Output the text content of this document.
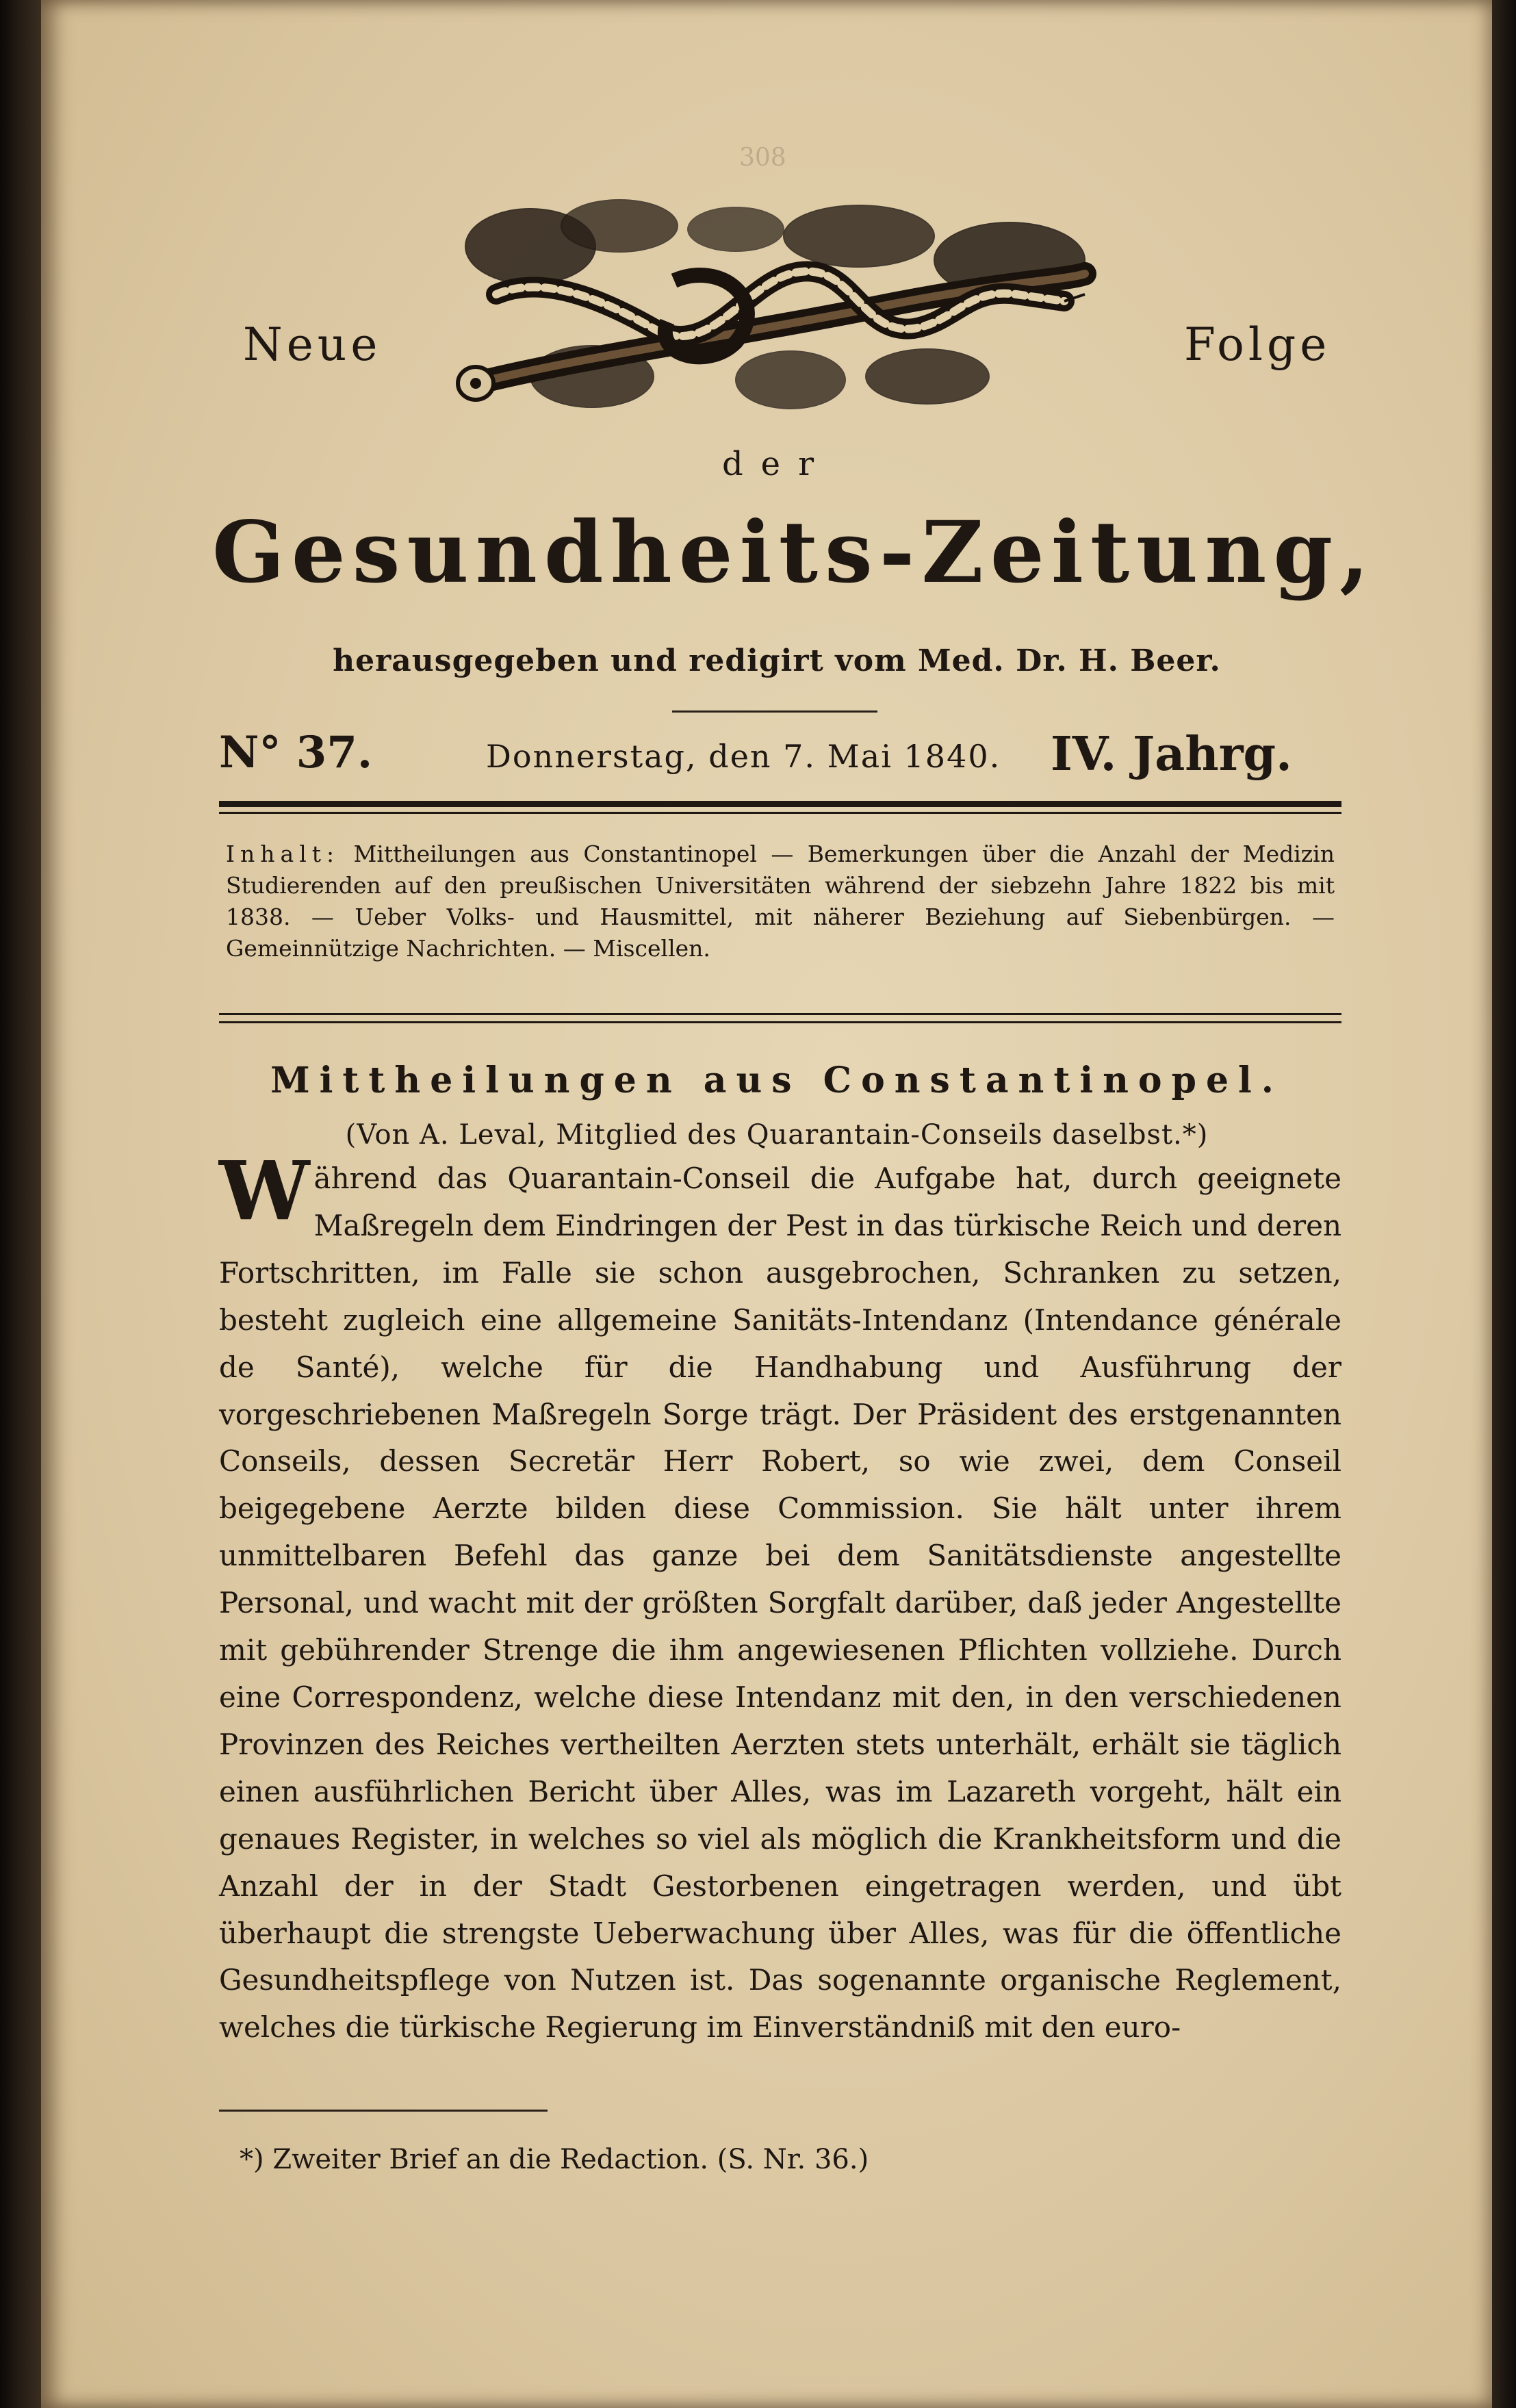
308
Neue	Folge
der
Gesundheits-Zeitung,
herausgegeben und redigirt vom Med. Dr. H. Beer.
N° 37.	Donnerstag, den 7. Mai 1840. IV. Jahrg.
Inhalt: Mittheilungen aus Constantinopel — Bemerkungen über die Anzahl der Medizin Studierenden auf den preußischen Universitäten während der siebzehn Jahre 1822 bis mit 1838. — Ueber Volks- und Hausmittel, mit näherer Beziehung auf Siebenbürgen. — Gemeinnützige Nachrichten. — Miscellen.
Mittheilungen aus Constantinopel.
(Von A. Leval, Mitglied des Quarantain-Conseils daselbst.*)
W ährend das Quarantain-Conseil die Aufgabe hat, durch geeignete Maßregeln dem Eindringen der Pest in das türkische Reich und deren Fortschritten, im Falle sie schon ausgebrochen, Schranken zu setzen, besteht zugleich eine allgemeine Sanitäts-Intendanz (Intendance générale de Santé), welche für die Handhabung und Ausführung der vorgeschriebenen Maßregeln Sorge trägt. Der Präsident des erstgenannten Conseils, dessen Secretär Herr Robert, so wie zwei, dem Conseil beigegebene Aerzte bilden diese Commission. Sie hält unter ihrem unmittelbaren Befehl das ganze bei dem Sanitätsdienste angestellte Personal, und wacht mit der größten Sorgfalt darüber, daß jeder Angestellte mit gebührender Strenge die ihm angewiesenen Pflichten vollziehe. Durch eine Correspondenz, welche diese Intendanz mit den, in den verschiedenen Provinzen des Reiches vertheilten Aerzten stets unterhält, erhält sie täglich einen ausführlichen Bericht über Alles, was im Lazareth vorgeht, hält ein genaues Register, in welches so viel als möglich die Krankheitsform und die Anzahl der in der Stadt Gestorbenen eingetragen werden, und übt überhaupt die strengste Ueberwachung über Alles, was für die öffentliche Gesundheitspflege von Nutzen ist. Das sogenannte organische Reglement, welches die türkische Regierung im Einverständniß mit den euro-
*) Zweiter Brief an die Redaction. (S. Nr. 36.)
